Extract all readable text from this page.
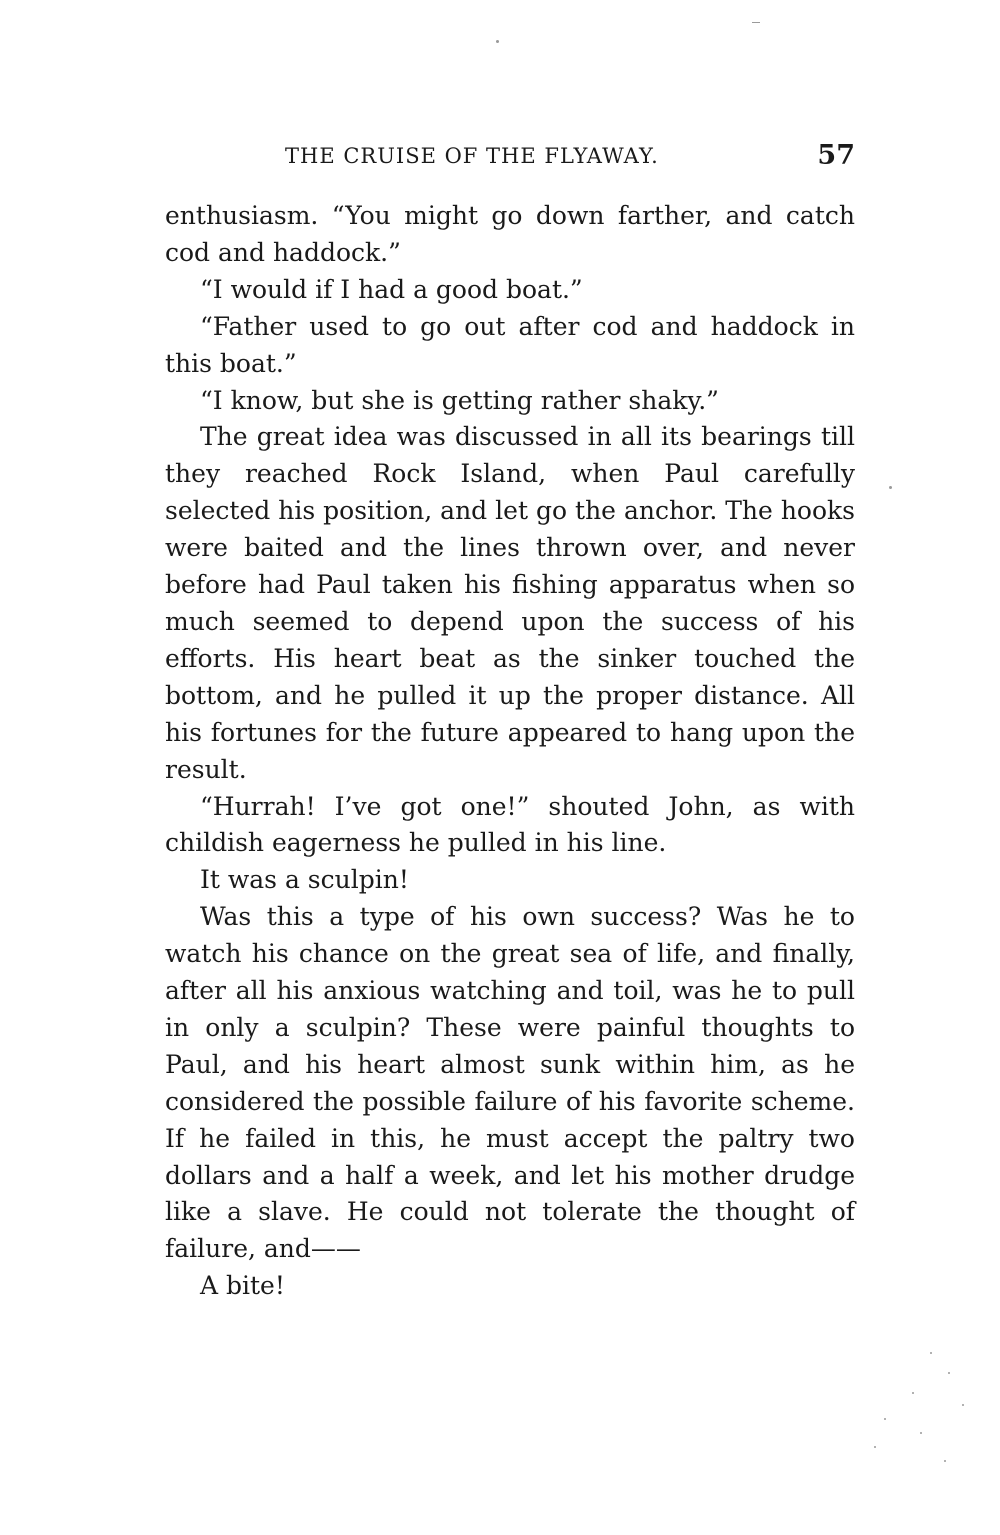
THE CRUISE OF THE FLYAWAY.	57

enthusiasm. “You might go down farther, and catch cod and haddock.”

“I would if I had a good boat.”

“Father used to go out after cod and haddock in this boat.”

“I know, but she is getting rather shaky.”

The great idea was discussed in all its bearings till they reached Rock Island, when Paul carefully selected his position, and let go the anchor. The hooks were baited and the lines thrown over, and never before had Paul taken his fishing apparatus when so much seemed to depend upon the success of his efforts. His heart beat as the sinker touched the bottom, and he pulled it up the proper distance. All his fortunes for the future appeared to hang upon the result.

“Hurrah! I’ve got one!” shouted John, as with childish eagerness he pulled in his line.

It was a sculpin!

Was this a type of his own success? Was he to watch his chance on the great sea of life, and finally, after all his anxious watching and toil, was he to pull in only a sculpin? These were painful thoughts to Paul, and his heart almost sunk within him, as he considered the possible failure of his favorite scheme. If he failed in this, he must accept the paltry two dollars and a half a week, and let his mother drudge like a slave. He could not tolerate the thought of failure, and——

A bite!
